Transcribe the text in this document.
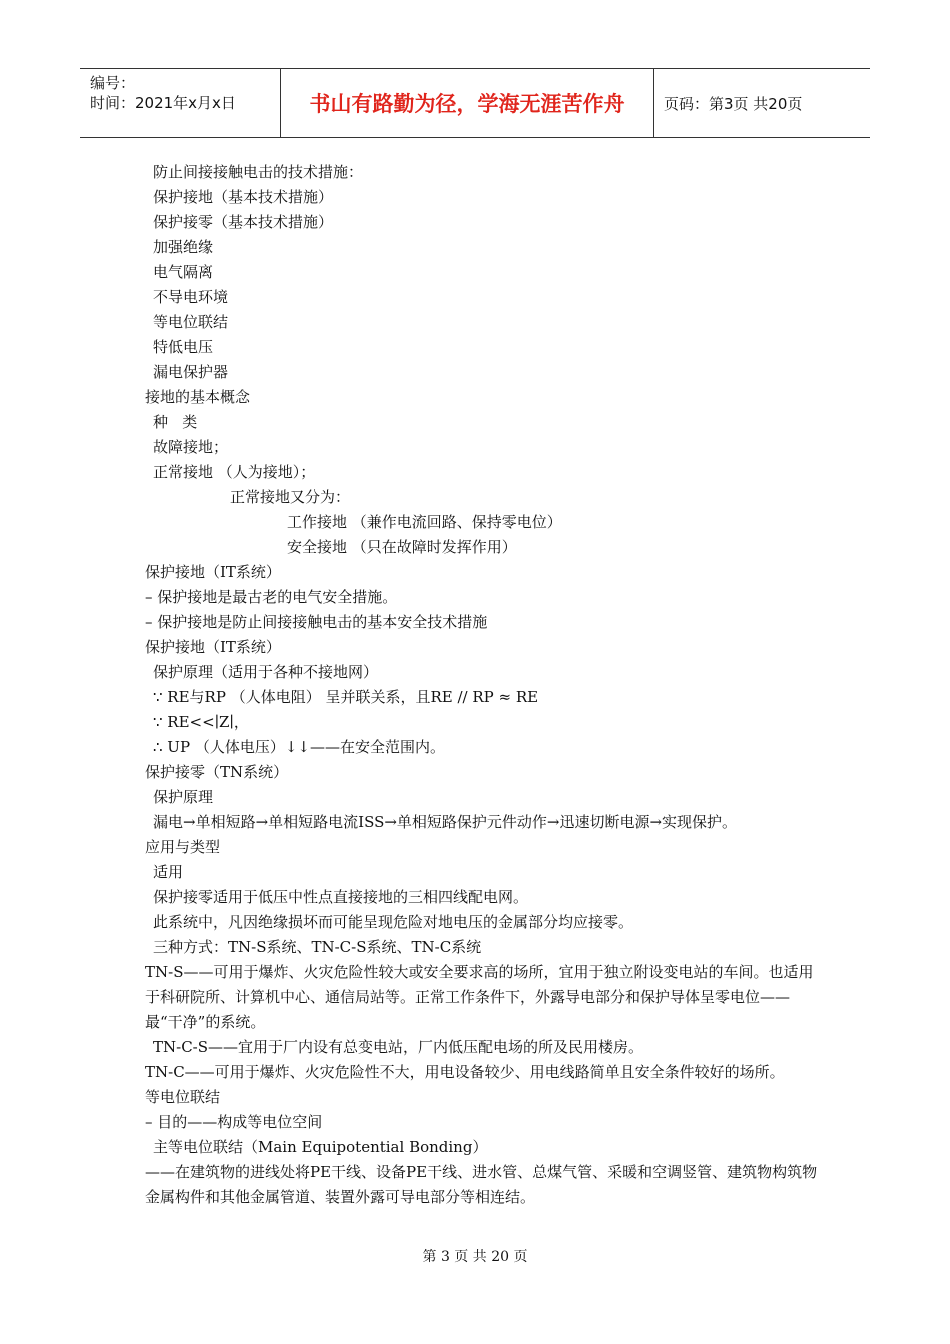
编号：
时间：2021年x月x日	书山有路勤为径，学海无涯苦作舟	页码：第3页 共20页
防止间接接触电击的技术措施：
保护接地（基本技术措施）
保护接零（基本技术措施）
加强绝缘
电气隔离
不导电环境
等电位联结
特低电压
漏电保护器
接地的基本概念
种   类
故障接地；
正常接地 （人为接地）；
正常接地又分为：
工作接地 （兼作电流回路、保持零电位）
安全接地 （只在故障时发挥作用）
保护接地（IT系统）
– 保护接地是最古老的电气安全措施。
– 保护接地是防止间接接触电击的基本安全技术措施
保护接地（IT系统）
保护原理（适用于各种不接地网）
∵ RE与RP （人体电阻） 呈并联关系，且RE // RP ≈ RE
∵ RE<<∣Z∣，
∴ UP （人体电压）↓↓——在安全范围内。
保护接零（TN系统）
保护原理
漏电→单相短路→单相短路电流ISS→单相短路保护元件动作→迅速切断电源→实现保护。
应用与类型
适用
保护接零适用于低压中性点直接接地的三相四线配电网。
此系统中，凡因绝缘损坏而可能呈现危险对地电压的金属部分均应接零。
三种方式：TN-S系统、TN-C-S系统、TN-C系统
TN-S——可用于爆炸、火灾危险性较大或安全要求高的场所，宜用于独立附设变电站的车间。也适用于科研院所、计算机中心、通信局站等。正常工作条件下，外露导电部分和保护导体呈零电位——最“干净”的系统。
TN-C-S——宜用于厂内设有总变电站，厂内低压配电场的所及民用楼房。
TN-C——可用于爆炸、火灾危险性不大，用电设备较少、用电线路简单且安全条件较好的场所。
等电位联结
– 目的——构成等电位空间
主等电位联结（Main Equipotential Bonding）
——在建筑物的进线处将PE干线、设备PE干线、进水管、总煤气管、采暖和空调竖管、建筑物构筑物金属构件和其他金属管道、装置外露可导电部分等相连结。
第 3 页 共 20 页
